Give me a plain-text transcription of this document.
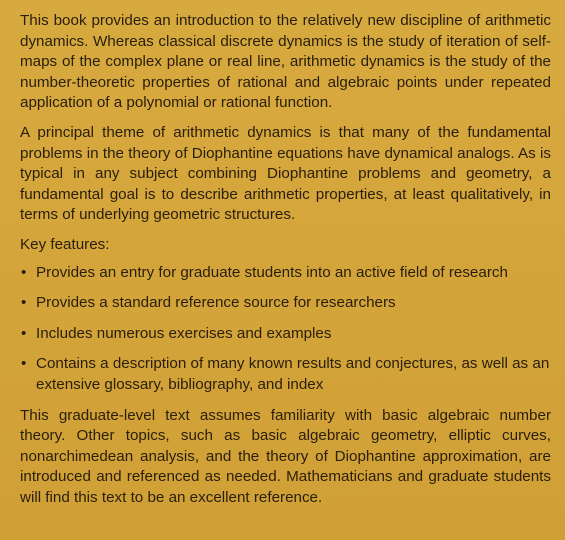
This book provides an introduction to the relatively new discipline of arithmetic dynamics. Whereas classical discrete dynamics is the study of iteration of self-maps of the complex plane or real line, arithmetic dynamics is the study of the number-theoretic properties of rational and algebraic points under repeated application of a polynomial or rational function.

A principal theme of arithmetic dynamics is that many of the fundamental problems in the theory of Diophantine equations have dynamical analogs. As is typical in any subject combining Diophantine problems and geometry, a fundamental goal is to describe arithmetic properties, at least qualitatively, in terms of underlying geometric structures.

Key features:

• Provides an entry for graduate students into an active field of research
• Provides a standard reference source for researchers
• Includes numerous exercises and examples
• Contains a description of many known results and conjectures, as well as an extensive glossary, bibliography, and index

This graduate-level text assumes familiarity with basic algebraic number theory. Other topics, such as basic algebraic geometry, elliptic curves, nonarchimedean analysis, and the theory of Diophantine approximation, are introduced and referenced as needed. Mathematicians and graduate students will find this text to be an excellent reference.
